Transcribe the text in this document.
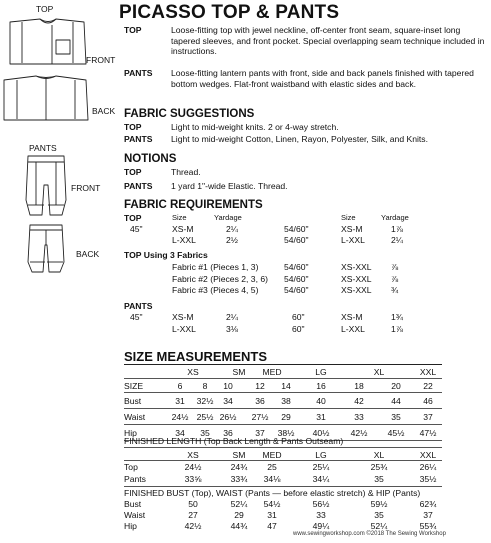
TOP
FRONT
BACK
PANTS
FRONT
BACK
PICASSO TOP & PANTS
TOP	Loose-fitting top with jewel neckline, off-center front seam, square-inset long tapered sleeves, and front pocket. Special overlapping seam technique included in instructions.
PANTS	Loose-fitting lantern pants with front, side and back panels finished with tapered bottom wedges. Flat-front waistband with elastic sides and back.
FABRIC SUGGESTIONS
TOP	Light to mid-weight knits. 2 or 4-way stretch.
PANTS Light to mid-weight Cotton, Linen, Rayon, Polyester, Silk, and Knits.
NOTIONS
TOP	Thread.
PANTS 1 yard 1"-wide Elastic. Thread.
FABRIC REQUIREMENTS
TOP	Size	Yardage	Size	Yardage
45"	XS-M	2¼	54/60"	XS-M	1⅞
L-XXL	2½	54/60"	L-XXL	2¼
TOP Using 3 Fabrics
Fabric #1 (Pieces 1, 3)	54/60"	XS-XXL ⅞
Fabric #2 (Pieces 2, 3, 6) 54/60"	XS-XXL ⅞
Fabric #3 (Pieces 4, 5)	54/60"	XS-XXL ¾
PANTS
45"	XS-M	2¼	60"	XS-M	1¾
L-XXL	3⅛	60"	L-XXL	1⅞
SIZE MEASUREMENTS
XS	SM MED	LG	XL	XXL
SIZE	6 8 10	12 14	16	18	20	22
Bust	31 32½ 34	36 38	40	42	44	46
Waist	24½ 25½ 26½ 27½ 29	31	33	35	37
Hip	34 35 36	37 38½ 40½ 42½ 45½ 47½
FINISHED LENGTH (Top Back Length & Pants Outseam)
XS	SM MED	LG	XL	XXL
Top	24½	24¾ 25	25¼	25¾	26¼
Pants	33⅝	33¾ 34⅛	34¼	35	35½
FINISHED BUST (Top), WAIST (Pants — before elastic stretch) & HIP (Pants)
Bust	50	52¼ 54½	56½	59½	62¾
Waist	27	29	31	33	35	37
Hip	42½	44¾ 47	49¼	52¼	55¾
www.sewingworkshop.com ©2018 The Sewing Workshop
